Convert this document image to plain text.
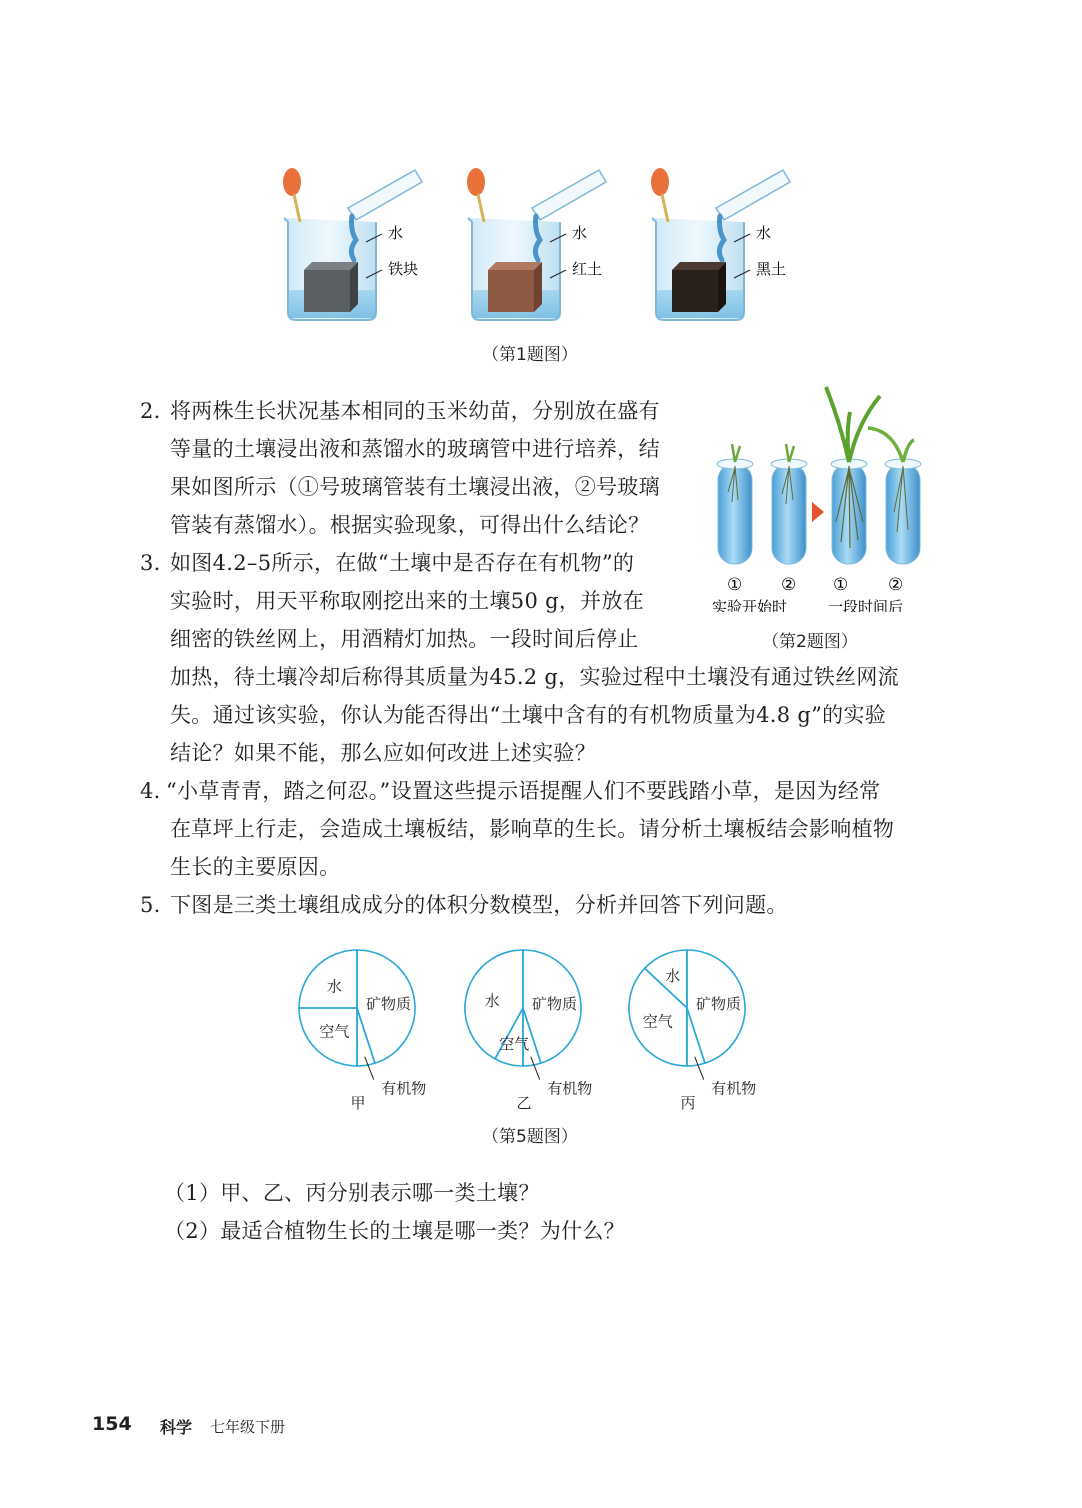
水
铁块
水
红土
水
黑土
（第1题图）
2. 将两株生长状况基本相同的玉米幼苗，分别放在盛有
等量的土壤浸出液和蒸馏水的玻璃管中进行培养，结
果如图所示（①号玻璃管装有土壤浸出液，②号玻璃
管装有蒸馏水）。根据实验现象，可得出什么结论？
① ② ① ②
实验开始时	一段时间后
（第2题图）
3. 如图4.2–5所示，在做“土壤中是否存在有机物”的
实验时，用天平称取刚挖出来的土壤50 g，并放在
细密的铁丝网上，用酒精灯加热。一段时间后停止
加热，待土壤冷却后称得其质量为45.2 g，实验过程中土壤没有通过铁丝网流
失。通过该实验，你认为能否得出“土壤中含有的有机物质量为4.8 g”的实验
结论？如果不能，那么应如何改进上述实验？
4. “小草青青，踏之何忍。”设置这些提示语提醒人们不要践踏小草，是因为经常
在草坪上行走，会造成土壤板结，影响草的生长。请分析土壤板结会影响植物
生长的主要原因。
5. 下图是三类土壤组成成分的体积分数模型，分析并回答下列问题。
矿物质
有机物
空气
水
甲
矿物质
有机物
空气
水
乙
矿物质
有机物
空气
水
丙
（第5题图）
（1）甲、乙、丙分别表示哪一类土壤？
（2）最适合植物生长的土壤是哪一类？为什么？
154 科学 七年级下册
